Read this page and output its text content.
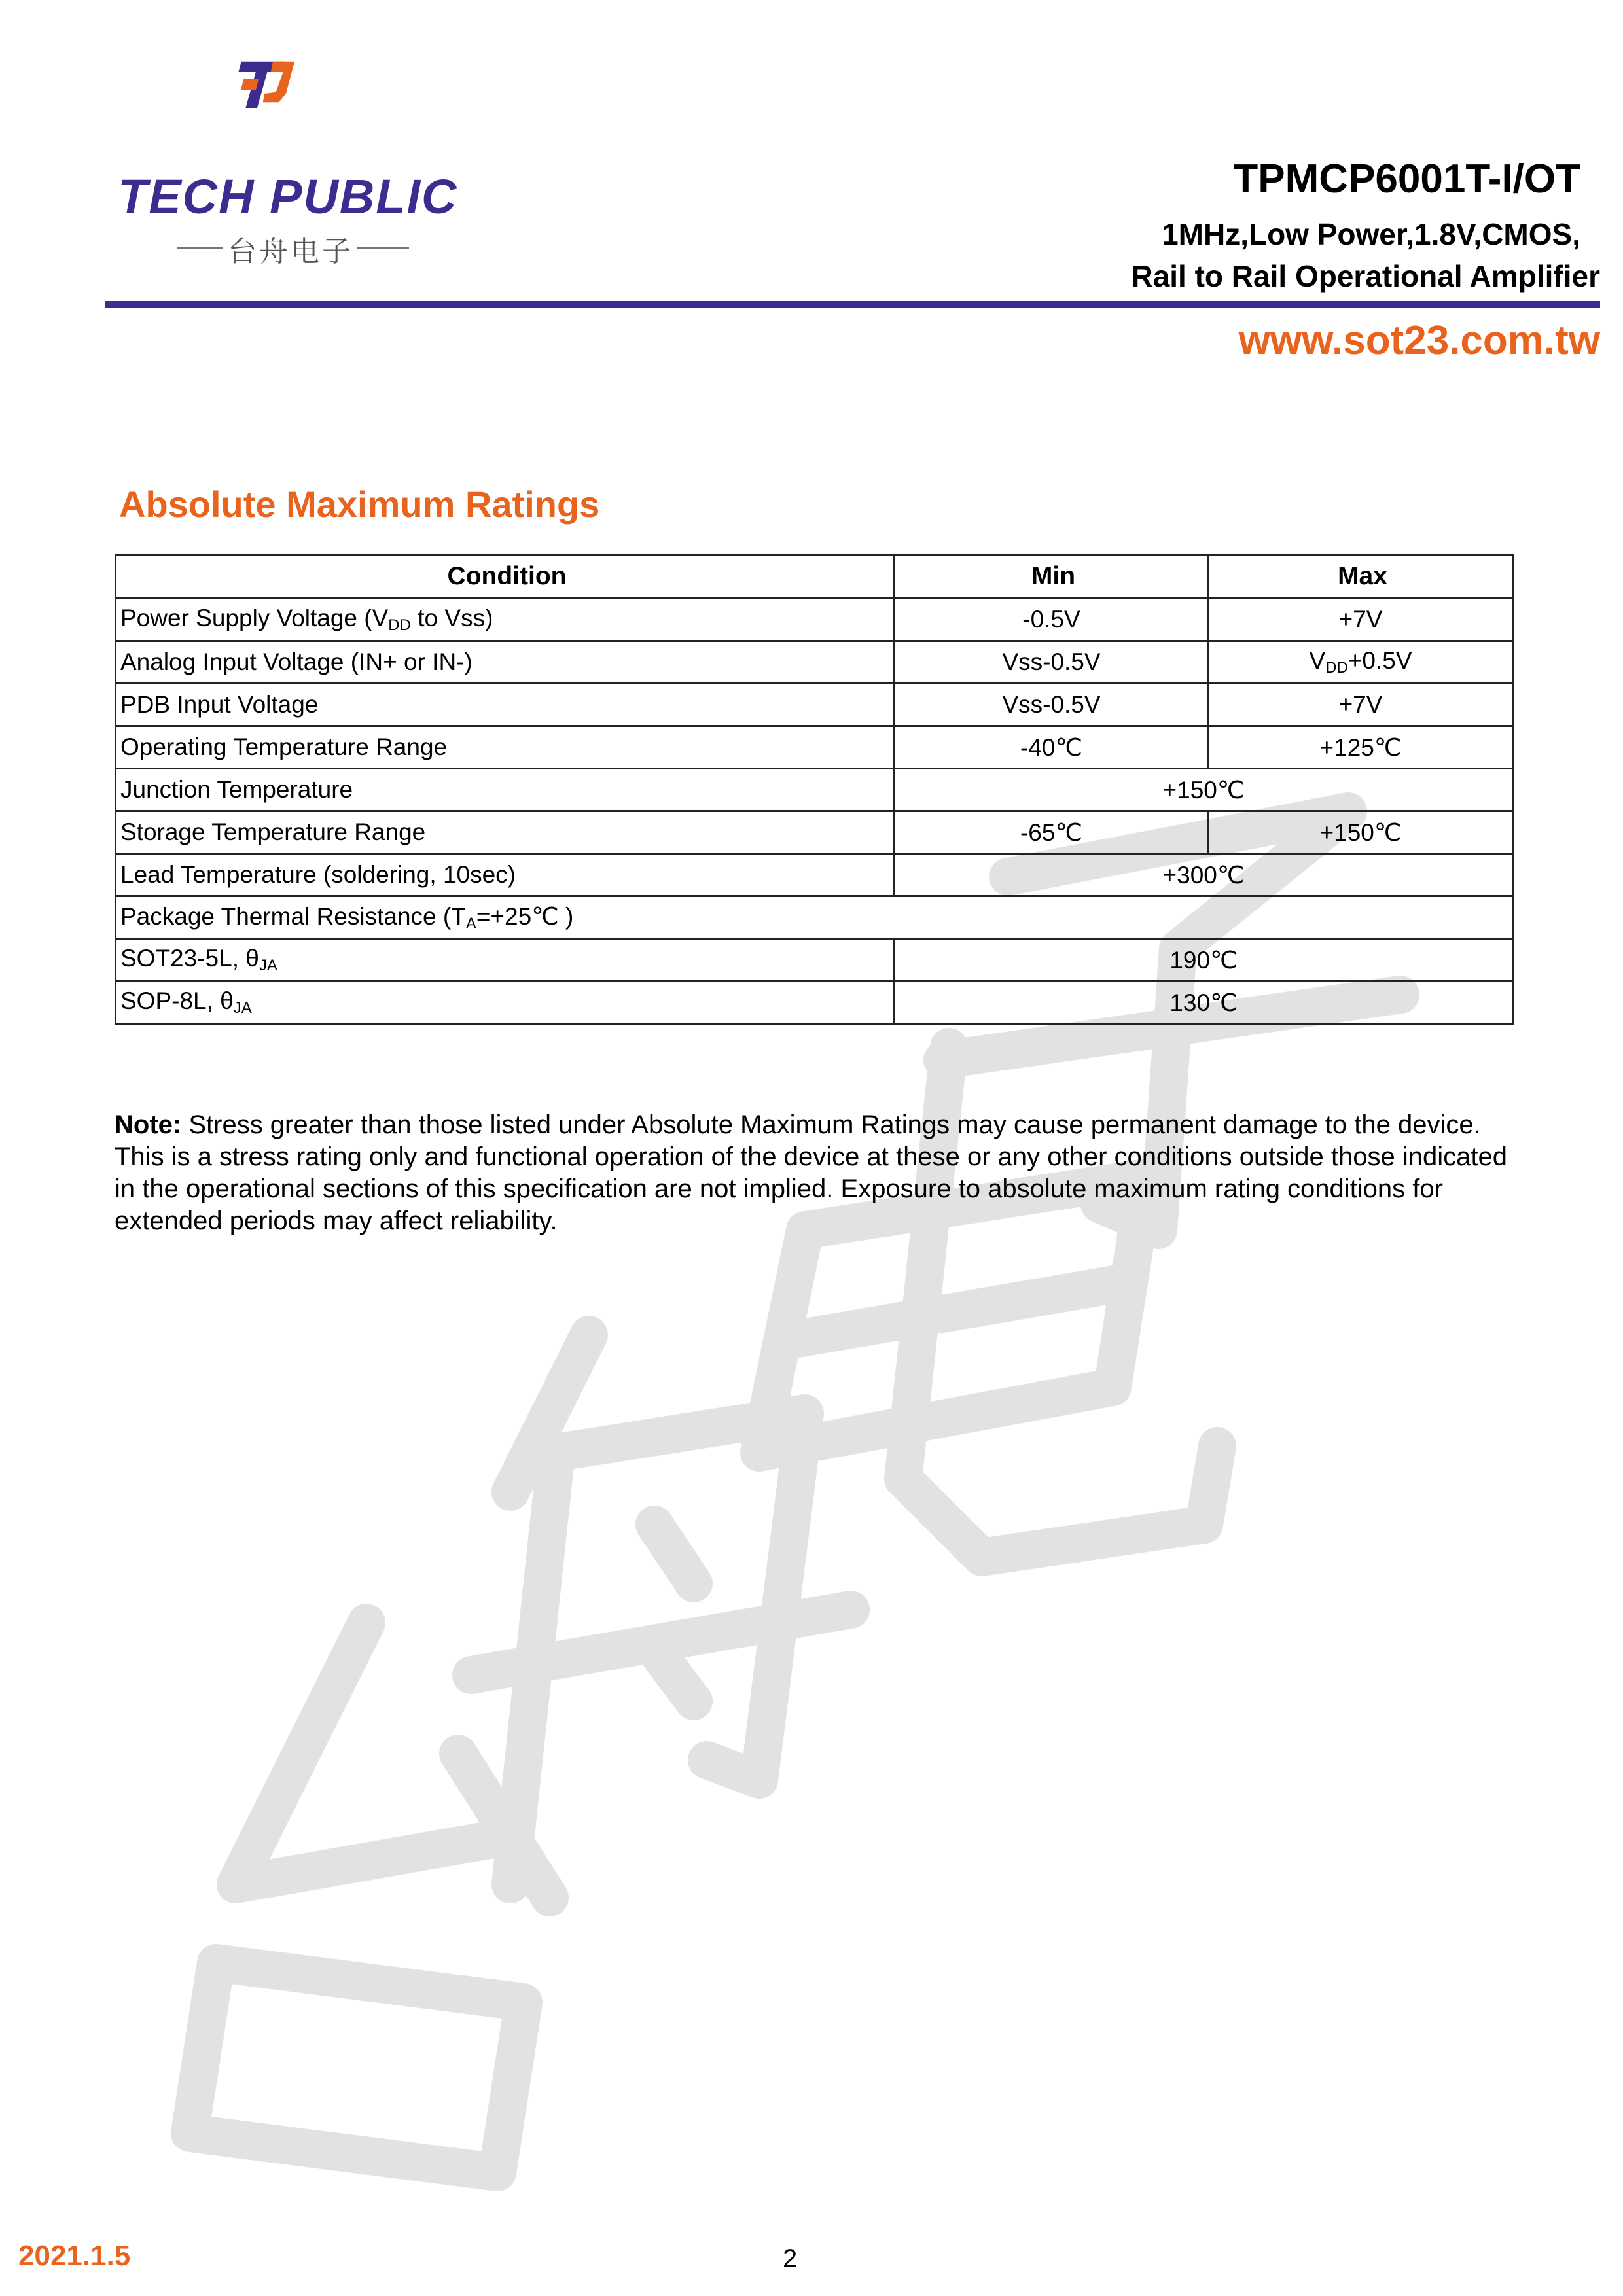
TECH PUBLIC
台舟电子
TPMCP6001T-I/OT
1MHz,Low Power,1.8V,CMOS,
Rail to Rail Operational Amplifier
www.sot23.com.tw
Absolute Maximum Ratings
Condition	Min	Max
Power Supply Voltage ($V_{DD}$ to Vss)	-0.5V	+7V
Analog Input Voltage (IN+ or IN-)	Vss-0.5V	$V_{DD}+0.5V$
PDB Input Voltage	Vss-0.5V	+7V
Operating Temperature Range	-40℃	+125℃
Junction Temperature	+150℃	
Storage Temperature Range	-65℃	+150℃
Lead Temperature (soldering, 10sec)	+300℃	
Package Thermal Resistance ($T_A=+25℃$ )		
SOT23-5L, $\theta_{JA}$	190℃	
SOP-8L, $\theta_{JA}$	130℃	
Note: Stress greater than those listed under Absolute Maximum Ratings may cause permanent damage to the device. This is a stress rating only and functional operation of the device at these or any other conditions outside those indicated in the operational sections of this specification are not implied. Exposure to absolute maximum rating conditions for extended periods may affect reliability.
2021.1.5	2
